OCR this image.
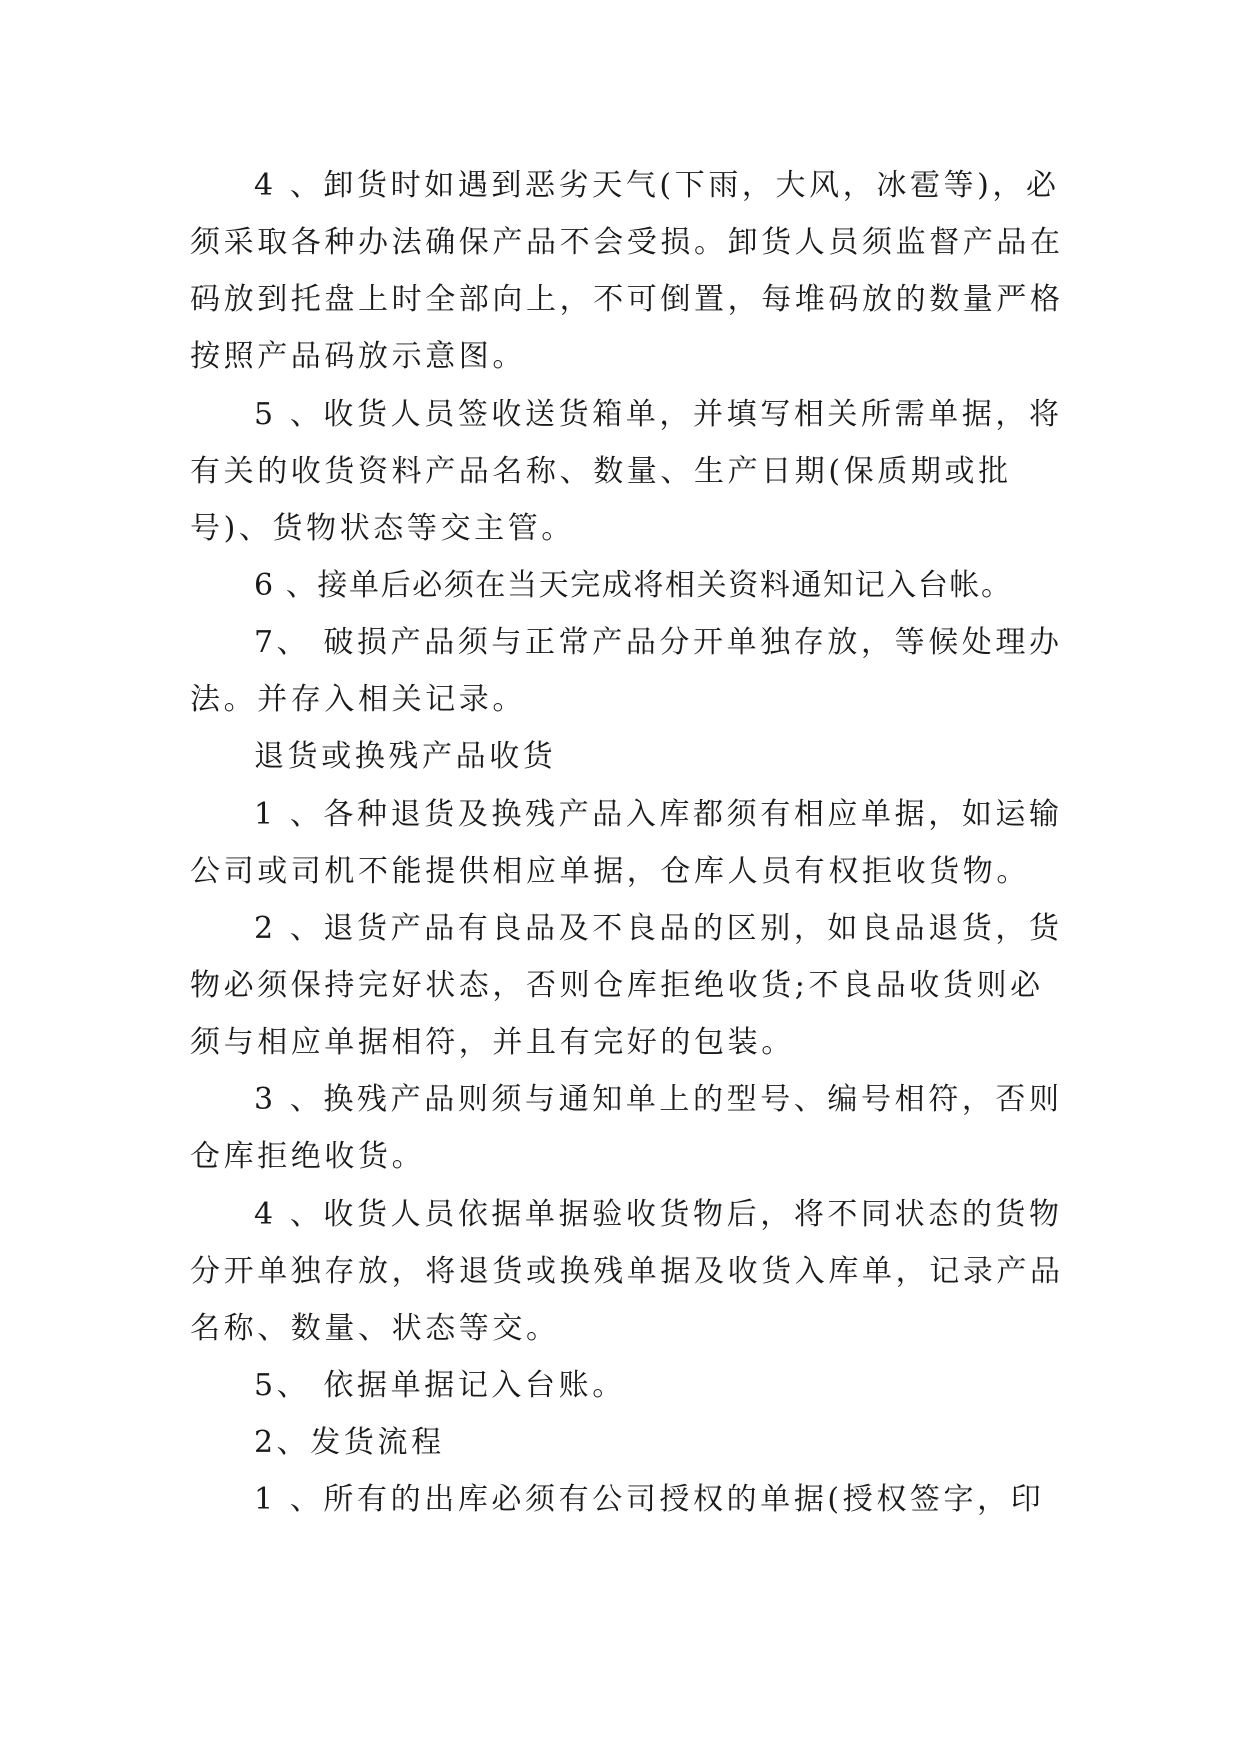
4 、卸货时如遇到恶劣天气(下雨，大风，冰雹等)，必
须采取各种办法确保产品不会受损。卸货人员须监督产品在
码放到托盘上时全部向上，不可倒置，每堆码放的数量严格
按照产品码放示意图。
5 、收货人员签收送货箱单，并填写相关所需单据，将
有关的收货资料产品名称、数量、生产日期(保质期或批
号)、货物状态等交主管。
6 、接单后必须在当天完成将相关资料通知记入台帐。
7、 破损产品须与正常产品分开单独存放，等候处理办
法。并存入相关记录。
退货或换残产品收货
1 、各种退货及换残产品入库都须有相应单据，如运输
公司或司机不能提供相应单据，仓库人员有权拒收货物。
2 、退货产品有良品及不良品的区别，如良品退货，货
物必须保持完好状态，否则仓库拒绝收货;不良品收货则必
须与相应单据相符，并且有完好的包装。
3 、换残产品则须与通知单上的型号、编号相符，否则
仓库拒绝收货。
4 、收货人员依据单据验收货物后，将不同状态的货物
分开单独存放，将退货或换残单据及收货入库单，记录产品
名称、数量、状态等交。
5、 依据单据记入台账。
2、发货流程
1 、所有的出库必须有公司授权的单据(授权签字，印
